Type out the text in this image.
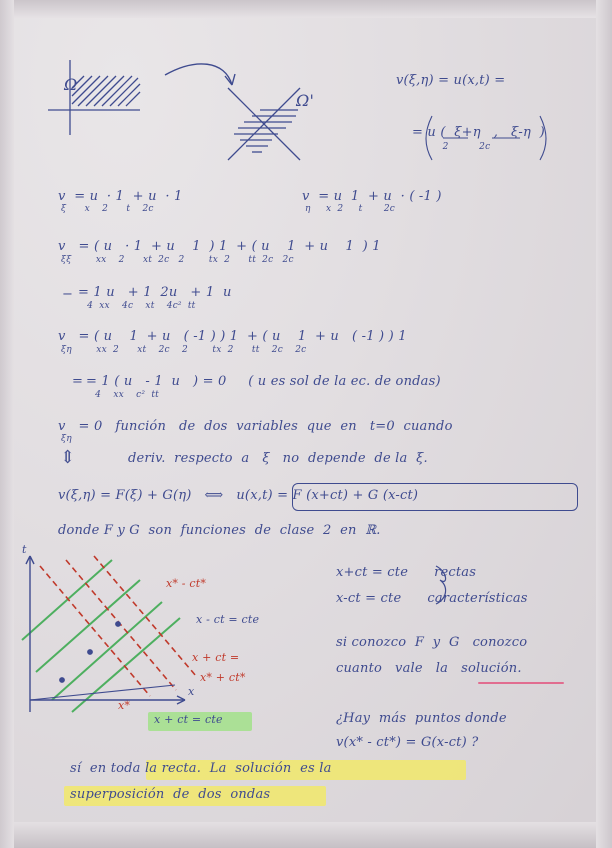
Ω
Ω'
v(ξ,η) = u(x,t) =
= u (  ξ+η   ,   ξ-η  )
2          2c
v  = u  · 1  + u  · 1
ξ      x    2      t    2c
v  = u  1  + u  · ( -1 )
η     x  2     t       2c
v   = ( u   · 1  + u    1  ) 1  + ( u    1  + u    1  ) 1
ξξ        xx    2      xt  2c   2        tx  2      tt  2c   2c
= 1 u   + 1  2u   + 1  u
4  xx    4c    xt    4c²  tt
−
v   = ( u    1  + u   ( -1 ) ) 1  + ( u    1  + u   ( -1 ) ) 1
ξη        xx  2      xt    2c    2        tx  2      tt    2c    2c
= 1 ( u   - 1  u   ) = 0     ( u es sol de la ec. de ondas)
4    xx    c²  tt
=
v   = 0   función   de  dos  variables  que  en   t=0  cuando
ξη
deriv.  respecto  a   ξ   no  depende  de la  ξ.
⇕
v(ξ,η) = F(ξ) + G(η)   ⟺   u(x,t) = F (x+ct) + G (x-ct)
donde F y G  son  funciones  de  clase  2  en  ℝ.
t
x
x*
x* - ct*
x - ct = cte
x + ct =
x* + ct*
x + ct = cte
x+ct = cte      rectas
x-ct = cte      características
si conozco  F  y  G   conozco
cuanto   vale   la   solución.
¿Hay  más  puntos donde
v(x* - ct*) = G(x-ct) ?
sí  en toda la recta.  La  solución  es la
superposición  de  dos  ondas
